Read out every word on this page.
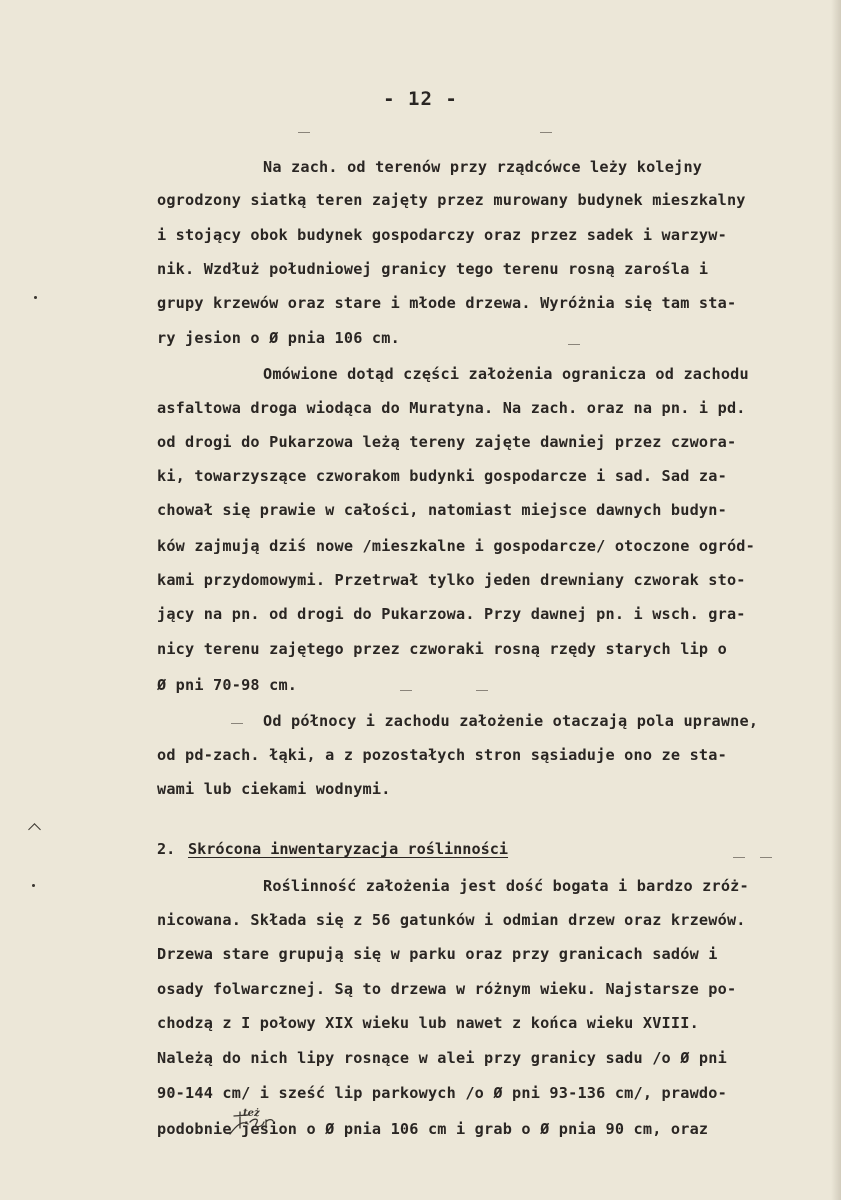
- 12 -
Na zach. od terenów przy rządcówce leży kolejny
ogrodzony siatką teren zajęty przez murowany budynek mieszkalny
i stojący obok budynek gospodarczy oraz przez sadek i warzyw-
nik. Wzdłuż południowej granicy tego terenu rosną zarośla i
grupy krzewów oraz stare i młode drzewa. Wyróżnia się tam sta-
ry jesion o Ø pnia 106 cm.
Omówione dotąd części założenia ogranicza od zachodu
asfaltowa droga wiodąca do Muratyna. Na zach. oraz na pn. i pd.
od drogi do Pukarzowa leżą tereny zajęte dawniej przez czwora-
ki, towarzyszące czworakom budynki gospodarcze i sad. Sad za-
chował się prawie w całości, natomiast miejsce dawnych budyn-
ków zajmują dziś nowe /mieszkalne i gospodarcze/ otoczone ogród-
kami przydomowymi. Przetrwał tylko jeden drewniany czworak sto-
jący na pn. od drogi do Pukarzowa. Przy dawnej pn. i wsch. gra-
nicy terenu zajętego przez czworaki rosną rzędy starych lip o
Ø pni 70-98 cm.
Od północy i zachodu założenie otaczają pola uprawne,
od pd-zach. łąki, a z pozostałych stron sąsiaduje ono ze sta-
wami lub ciekami wodnymi.
2. Skrócona inwentaryzacja roślinności
Roślinność założenia jest dość bogata i bardzo zróż-
nicowana. Składa się z 56 gatunków i odmian drzew oraz krzewów.
Drzewa stare grupują się w parku oraz przy granicach sadów i
osady folwarcznej. Są to drzewa w różnym wieku. Najstarsze po-
chodzą z I połowy XIX wieku lub nawet z końca wieku XVIII.
Należą do nich lipy rosnące w alei przy granicy sadu /o Ø pni
90-144 cm/ i sześć lip parkowych /o Ø pni 93-136 cm/, prawdo-
podobnie jesion o Ø pnia 106 cm i grab o Ø pnia 90 cm, oraz
też
